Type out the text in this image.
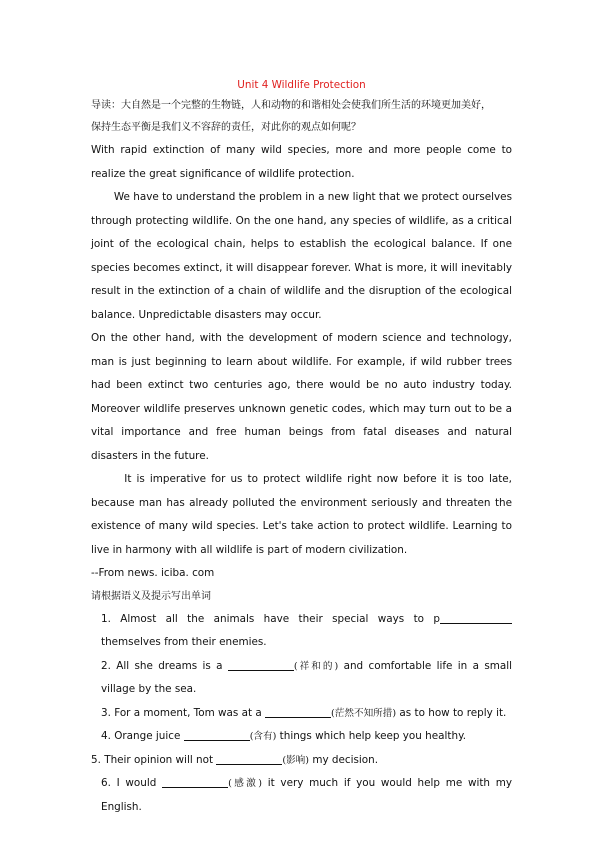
Unit 4 Wildlife Protection
导读：大自然是一个完整的生物链，人和动物的和谐相处会使我们所生活的环境更加美好，
保持生态平衡是我们义不容辞的责任，对此你的观点如何呢？

With rapid extinction of many wild species, more and more people come to realize the great significance of wildlife protection.

We have to understand the problem in a new light that we protect ourselves through protecting wildlife. On the one hand, any species of wildlife, as a critical joint of the ecological chain, helps to establish the ecological balance. If one species becomes extinct, it will disappear forever. What is more, it will inevitably result in the extinction of a chain of wildlife and the disruption of the ecological balance. Unpredictable disasters may occur.

On the other hand, with the development of modern science and technology, man is just beginning to learn about wildlife. For example, if wild rubber trees had been extinct two centuries ago, there would be no auto industry today. Moreover wildlife preserves unknown genetic codes, which may turn out to be a vital importance and free human beings from fatal diseases and natural disasters in the future.

It is imperative for us to protect wildlife right now before it is too late, because man has already polluted the environment seriously and threaten the existence of many wild species. Let's take action to protect wildlife. Learning to live in harmony with all wildlife is part of modern civilization.

--From news. iciba. com
请根据语义及提示写出单词

1. Almost all the animals have their special ways to p themselves from their enemies.

2. All she dreams is a	(祥和的) and comfortable life in a small village by the sea.

3. For a moment, Tom was at a	(茫然不知所措) as to how to reply it.

4. Orange juice	(含有) things which help keep you healthy.

5. Their opinion will not	(影响) my decision.

6. I would	(感激) it very much if you would help me with my English.
